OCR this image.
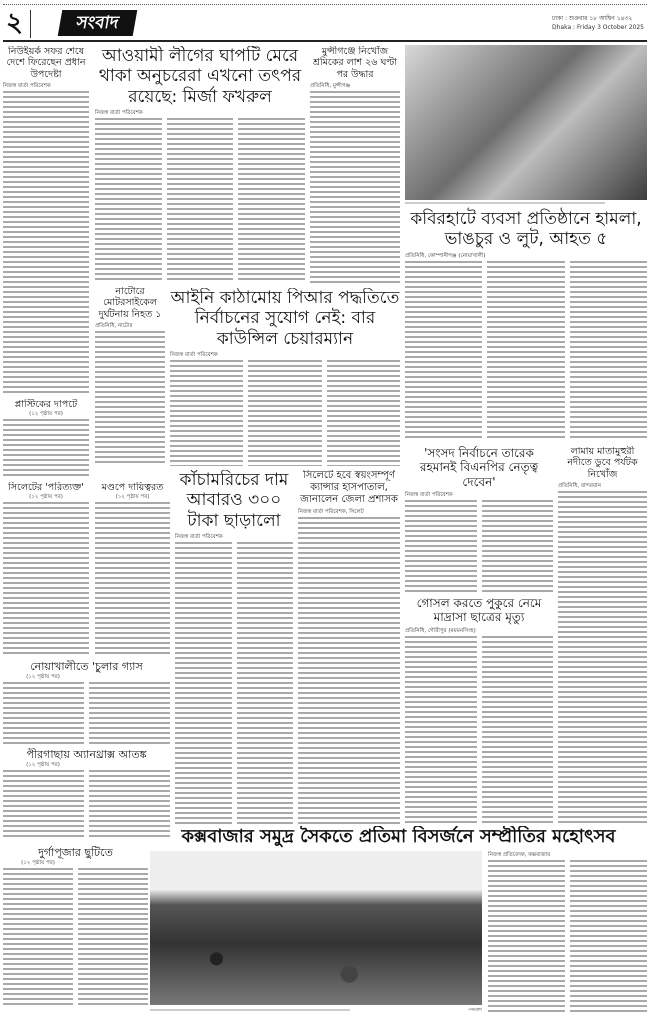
২	সংবাদ	ঢাকা : শুক্রবার ১৮ আশ্বিন ১৪৩২
Dhaka : Friday 3 October 2025
নিউইয়র্ক সফর শেষে দেশে ফিরেছেন প্রধান উপদেষ্টা
নিজস্ব বার্তা পরিবেশক
আওয়ামী লীগের ঘাপটি মেরে থাকা অনুচরেরা এখনো তৎপর রয়েছে: মির্জা ফখরুল
নিজস্ব বার্তা পরিবেশক
মুন্সীগঞ্জে নিখোঁজ শ্রমিকের লাশ ২৬ ঘণ্টা পর উদ্ধার
প্রতিনিধি, মুন্সীগঞ্জ
কবিরহাটে ব্যবসা প্রতিষ্ঠানে হামলা, ভাঙচুর ও লুট, আহত ৫
প্রতিনিধি, কোম্পানীগঞ্জ (নোয়াখালী)
নাটোরে মোটরসাইকেল দুর্ঘটনায় নিহত ১
প্রতিনিধি, নাটোর
আইনি কাঠামোয় পিআর পদ্ধতিতে নির্বাচনের সুযোগ নেই: বার কাউন্সিল চেয়ারম্যান
নিজস্ব বার্তা পরিবেশক
প্লাস্টিকের দাপটে
(১২ পৃষ্ঠায় পর)
সিলেটের 'পরিত্যক্ত'
(১২ পৃষ্ঠায় পর)
মণ্ডপে দায়িত্বরত
(১২ পৃষ্ঠায় পর)
কাঁচামরিচের দাম আবারও ৩০০ টাকা ছাড়ালো
নিজস্ব বার্তা পরিবেশক
সিলেটে হবে স্বয়ংসম্পূর্ণ ক্যান্সার হাসপাতাল, জানালেন জেলা প্রশাসক
নিজস্ব বার্তা পরিবেশক, সিলেট
'সংসদ নির্বাচনে তারেক রহমানই বিএনপির নেতৃত্ব দেবেন'
নিজস্ব বার্তা পরিবেশক
লামায় মাতামুহুরী নদীতে ডুবে পর্যটক নিখোঁজ
প্রতিনিধি, বান্দরবান
গোসল করতে পুকুরে নেমে মাদ্রাসা ছাত্রের মৃত্যু
প্রতিনিধি, গৌরীপুর (ময়মনসিংহ)
নোয়াখালীতে 'চুলার গ্যাস
(১২ পৃষ্ঠায় পর)
পীরগাছায় অ্যানথ্রাক্স আতঙ্ক
(১২ পৃষ্ঠায় পর)
দুর্গাপূজার ছুটিতে
(১২ পৃষ্ঠায় পর)
কক্সবাজার সমুদ্র সৈকতে প্রতিমা বিসর্জনে সম্প্রীতির মহোৎসব
-সংবাদ
নিজস্ব প্রতিবেদক, কক্সবাজার
